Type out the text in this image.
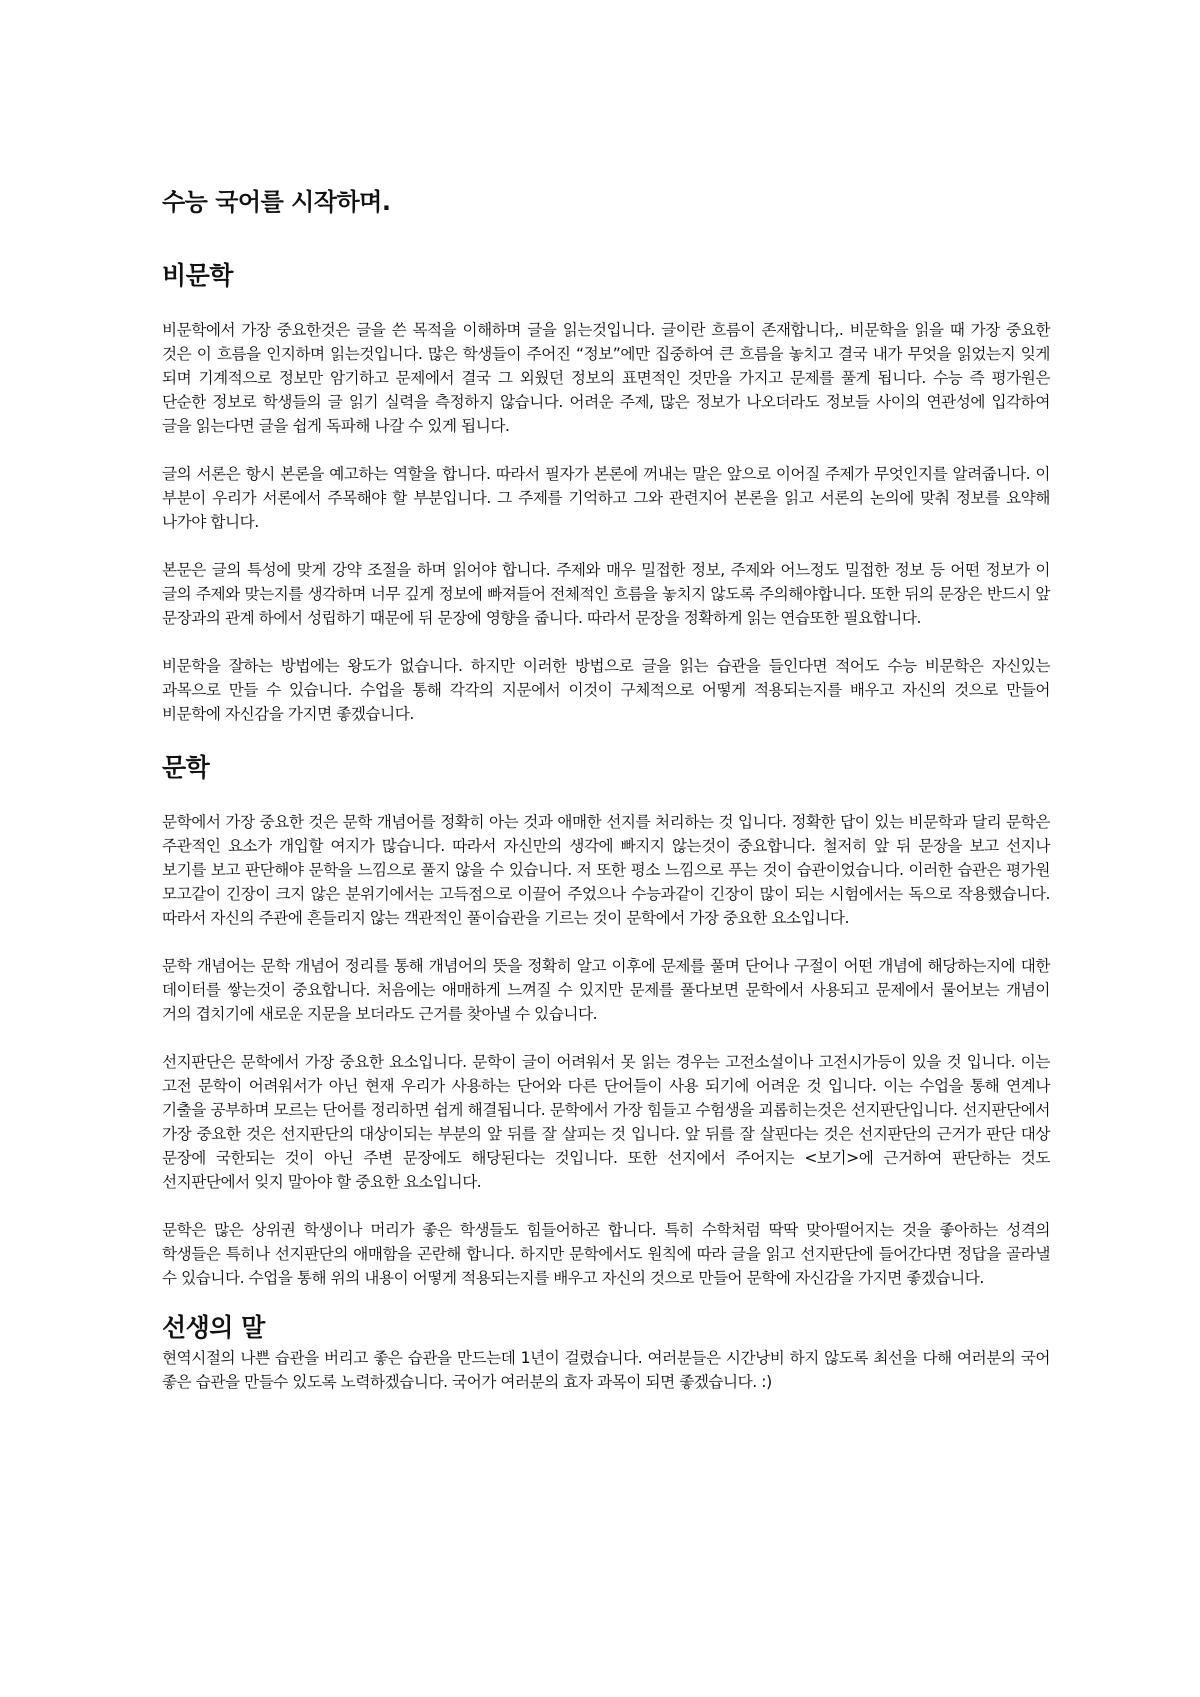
수능 국어를 시작하며.
비문학

비문학에서 가장 중요한것은 글을 쓴 목적을 이해하며 글을 읽는것입니다. 글이란 흐름이 존재합니다,. 비문학을 읽을 때 가장 중요한 것은 이 흐름을 인지하며 읽는것입니다. 많은 학생들이 주어진 “정보”에만 집중하여 큰 흐름을 놓치고 결국 내가 무엇을 읽었는지 잊게 되며 기계적으로 정보만 암기하고 문제에서 결국 그 외웠던 정보의 표면적인 것만을 가지고 문제를 풀게 됩니다. 수능 즉 평가원은 단순한 정보로 학생들의 글 읽기 실력을 측정하지 않습니다. 어려운 주제, 많은 정보가 나오더라도 정보들 사이의 연관성에 입각하여 글을 읽는다면 글을 쉽게 독파해 나갈 수 있게 됩니다.

글의 서론은 항시 본론을 예고하는 역할을 합니다. 따라서 필자가 본론에 꺼내는 말은 앞으로 이어질 주제가 무엇인지를 알려줍니다. 이 부분이 우리가 서론에서 주목해야 할 부분입니다. 그 주제를 기억하고 그와 관련지어 본론을 읽고 서론의 논의에 맞춰 정보를 요약해 나가야 합니다.

본문은 글의 특성에 맞게 강약 조절을 하며 읽어야 합니다. 주제와 매우 밀접한 정보, 주제와 어느정도 밀접한 정보 등 어떤 정보가 이 글의 주제와 맞는지를 생각하며 너무 깊게 정보에 빠져들어 전체적인 흐름을 놓치지 않도록 주의해야합니다. 또한 뒤의 문장은 반드시 앞 문장과의 관계 하에서 성립하기 때문에 뒤 문장에 영향을 줍니다. 따라서 문장을 정확하게 읽는 연습또한 필요합니다.

비문학을 잘하는 방법에는 왕도가 없습니다. 하지만 이러한 방법으로 글을 읽는 습관을 들인다면 적어도 수능 비문학은 자신있는 과목으로 만들 수 있습니다. 수업을 통해 각각의 지문에서 이것이 구체적으로 어떻게 적용되는지를 배우고 자신의 것으로 만들어 비문학에 자신감을 가지면 좋겠습니다.

문학

문학에서 가장 중요한 것은 문학 개념어를 정확히 아는 것과 애매한 선지를 처리하는 것 입니다. 정확한 답이 있는 비문학과 달리 문학은 주관적인 요소가 개입할 여지가 많습니다. 따라서 자신만의 생각에 빠지지 않는것이 중요합니다. 철저히 앞 뒤 문장을 보고 선지나 보기를 보고 판단해야 문학을 느낌으로 풀지 않을 수 있습니다. 저 또한 평소 느낌으로 푸는 것이 습관이었습니다. 이러한 습관은 평가원 모고같이 긴장이 크지 않은 분위기에서는 고득점으로 이끌어 주었으나 수능과같이 긴장이 많이 되는 시험에서는 독으로 작용했습니다. 따라서 자신의 주관에 흔들리지 않는 객관적인 풀이습관을 기르는 것이 문학에서 가장 중요한 요소입니다.

문학 개념어는 문학 개념어 정리를 통해 개념어의 뜻을 정확히 알고 이후에 문제를 풀며 단어나 구절이 어떤 개념에 해당하는지에 대한 데이터를 쌓는것이 중요합니다. 처음에는 애매하게 느껴질 수 있지만 문제를 풀다보면 문학에서 사용되고 문제에서 물어보는 개념이 거의 겹치기에 새로운 지문을 보더라도 근거를 찾아낼 수 있습니다.

선지판단은 문학에서 가장 중요한 요소입니다. 문학이 글이 어려워서 못 읽는 경우는 고전소설이나 고전시가등이 있을 것 입니다. 이는 고전 문학이 어려워서가 아닌 현재 우리가 사용하는 단어와 다른 단어들이 사용 되기에 어려운 것 입니다. 이는 수업을 통해 연계나 기출을 공부하며 모르는 단어를 정리하면 쉽게 해결됩니다. 문학에서 가장 힘들고 수험생을 괴롭히는것은 선지판단입니다. 선지판단에서 가장 중요한 것은 선지판단의 대상이되는 부분의 앞 뒤를 잘 살피는 것 입니다. 앞 뒤를 잘 살핀다는 것은 선지판단의 근거가 판단 대상 문장에 국한되는 것이 아닌 주변 문장에도 해당된다는 것입니다. 또한 선지에서 주어지는 <보기>에 근거하여 판단하는 것도 선지판단에서 잊지 말아야 할 중요한 요소입니다.

문학은 많은 상위권 학생이나 머리가 좋은 학생들도 힘들어하곤 합니다. 특히 수학처럼 딱딱 맞아떨어지는 것을 좋아하는 성격의 학생들은 특히나 선지판단의 애매함을 곤란해 합니다. 하지만 문학에서도 원칙에 따라 글을 읽고 선지판단에 들어간다면 정답을 골라낼 수 있습니다. 수업을 통해 위의 내용이 어떻게 적용되는지를 배우고 자신의 것으로 만들어 문학에 자신감을 가지면 좋겠습니다.

선생의 말

현역시절의 나쁜 습관을 버리고 좋은 습관을 만드는데 1년이 걸렸습니다. 여러분들은 시간낭비 하지 않도록 최선을 다해 여러분의 국어 좋은 습관을 만들수 있도록 노력하겠습니다. 국어가 여러분의 효자 과목이 되면 좋겠습니다. :)
